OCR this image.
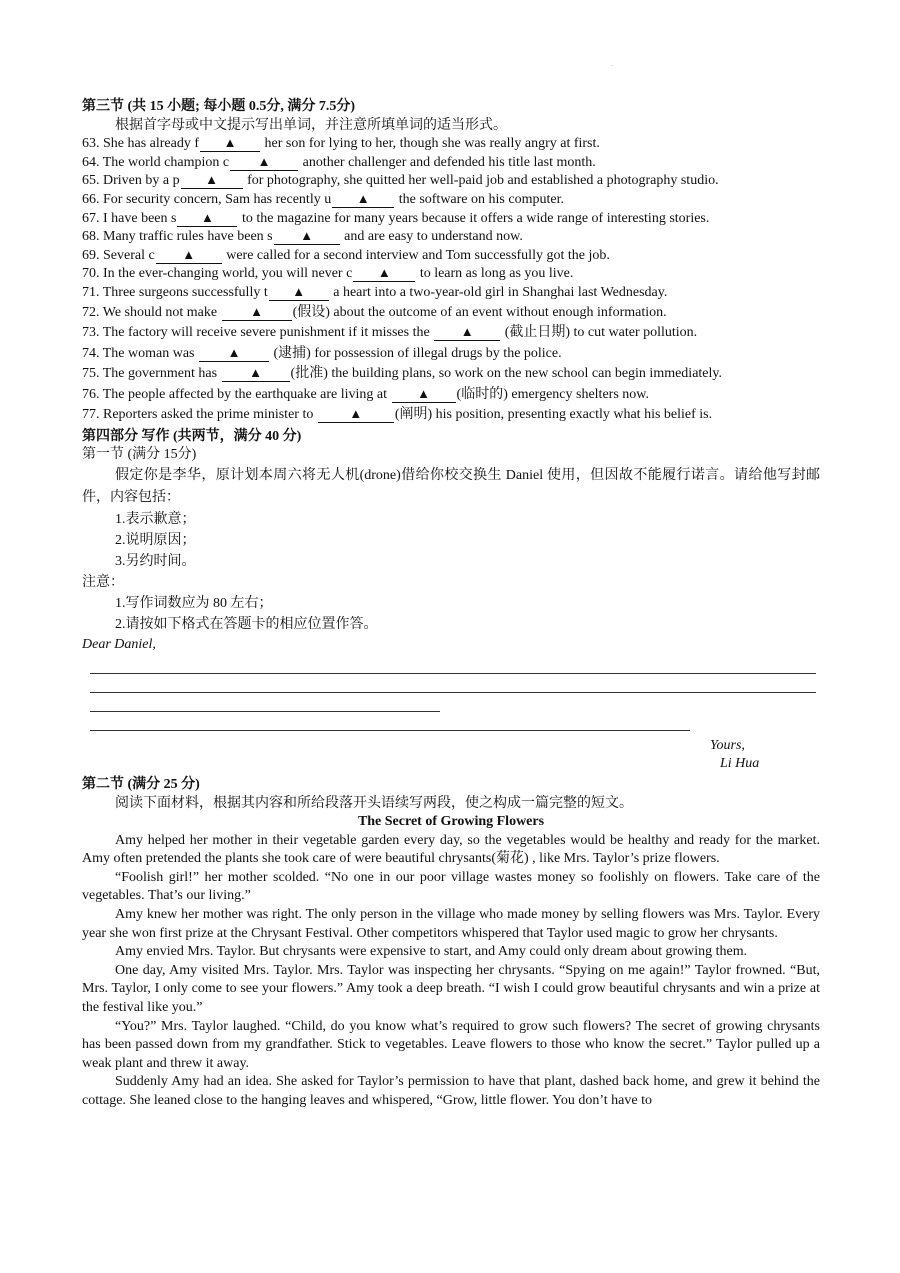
.
第三节 (共 15 小题; 每小题 0.5分, 满分 7.5分)
根据首字母或中文提示写出单词，并注意所填单词的适当形式。
63. She has already f ▲ her son for lying to her, though she was really angry at first.
64. The world champion c ▲ another challenger and defended his title last month.
65. Driven by a p ▲ for photography, she quitted her well-paid job and established a photography studio.
66. For security concern, Sam has recently u ▲ the software on his computer.
67. I have been s ▲ to the magazine for many years because it offers a wide range of interesting stories.
68. Many traffic rules have been s ▲ and are easy to understand now.
69. Several c ▲ were called for a second interview and Tom successfully got the job.
70. In the ever-changing world, you will never c ▲ to learn as long as you live.
71. Three surgeons successfully t ▲ a heart into a two-year-old girl in Shanghai last Wednesday.
72. We should not make ▲ (假设) about the outcome of an event without enough information.
73. The factory will receive severe punishment if it misses the ▲ (截止日期) to cut water pollution.
74. The woman was ▲ (逮捕) for possession of illegal drugs by the police.
75. The government has ▲ (批准) the building plans, so work on the new school can begin immediately.
76. The people affected by the earthquake are living at ▲ (临时的) emergency shelters now.
77. Reporters asked the prime minister to	▲ (阐明) his position, presenting exactly what his belief is.
第四部分 写作 (共两节，满分 40 分)
第一节 (满分 15分)
假定你是李华，原计划本周六将无人机(drone)借给你校交换生 Daniel 使用，但因故不能履行诺言。请给他写封邮件，内容包括：
1.表示歉意；
2.说明原因；
3.另约时间。
注意：
1.写作词数应为 80 左右；
2.请按如下格式在答题卡的相应位置作答。
Dear Daniel,
Yours,
Li Hua
第二节 (满分 25 分)
阅读下面材料，根据其内容和所给段落开头语续写两段，使之构成一篇完整的短文。
The Secret of Growing Flowers
Amy helped her mother in their vegetable garden every day, so the vegetables would be healthy and ready for the market. Amy often pretended the plants she took care of were beautiful chrysants(菊花) , like Mrs. Taylor’s prize flowers.
“Foolish girl!” her mother scolded. “No one in our poor village wastes money so foolishly on flowers. Take care of the vegetables. That’s our living.”
Amy knew her mother was right. The only person in the village who made money by selling flowers was Mrs. Taylor. Every year she won first prize at the Chrysant Festival. Other competitors whispered that Taylor used magic to grow her chrysants.
Amy envied Mrs. Taylor. But chrysants were expensive to start, and Amy could only dream about growing them.
One day, Amy visited Mrs. Taylor. Mrs. Taylor was inspecting her chrysants. “Spying on me again!” Taylor frowned. “But, Mrs. Taylor, I only come to see your flowers.” Amy took a deep breath. “I wish I could grow beautiful chrysants and win a prize at the festival like you.”
“You?” Mrs. Taylor laughed. “Child, do you know what’s required to grow such flowers? The secret of growing chrysants has been passed down from my grandfather. Stick to vegetables. Leave flowers to those who know the secret.” Taylor pulled up a weak plant and threw it away.
Suddenly Amy had an idea. She asked for Taylor’s permission to have that plant, dashed back home, and grew it behind the cottage. She leaned close to the hanging leaves and whispered, “Grow, little flower. You don’t have to
